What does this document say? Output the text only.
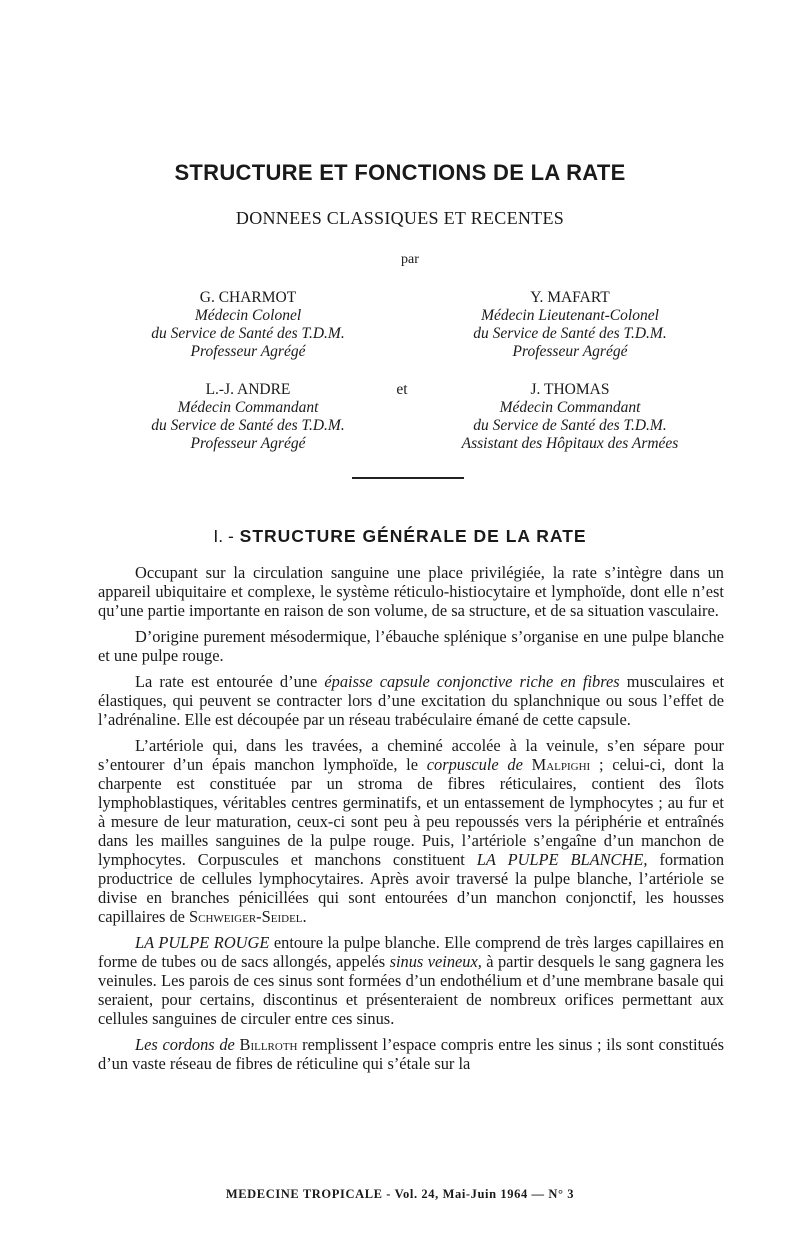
STRUCTURE ET FONCTIONS DE LA RATE
DONNEES CLASSIQUES ET RECENTES
par
G. CHARMOT
Médecin Colonel
du Service de Santé des T.D.M.
Professeur Agrégé
Y. MAFART
Médecin Lieutenant-Colonel
du Service de Santé des T.D.M.
Professeur Agrégé
L.-J. ANDRE
Médecin Commandant
du Service de Santé des T.D.M.
Professeur Agrégé
et	J. THOMAS
Médecin Commandant
du Service de Santé des T.D.M.
Assistant des Hôpitaux des Armées
I. - STRUCTURE GÉNÉRALE DE LA RATE

Occupant sur la circulation sanguine une place privilégiée, la rate s’intègre dans un appareil ubiquitaire et complexe, le système réticulo-histiocytaire et lymphoïde, dont elle n’est qu’une partie importante en raison de son volume, de sa structure, et de sa situation vasculaire.

D’origine purement mésodermique, l’ébauche splénique s’organise en une pulpe blanche et une pulpe rouge.

La rate est entourée d’une épaisse capsule conjonctive riche en fibres musculaires et élastiques, qui peuvent se contracter lors d’une excitation du splanchnique ou sous l’effet de l’adrénaline. Elle est découpée par un réseau trabéculaire émané de cette capsule.

L’artériole qui, dans les travées, a cheminé accolée à la veinule, s’en sépare pour s’entourer d’un épais manchon lymphoïde, le corpuscule de Malpighi ; celui-ci, dont la charpente est constituée par un stroma de fibres réticulaires, contient des îlots lymphoblastiques, véritables centres germinatifs, et un entassement de lymphocytes ; au fur et à mesure de leur maturation, ceux-ci sont peu à peu repoussés vers la périphérie et entraînés dans les mailles sanguines de la pulpe rouge. Puis, l’artériole s’engaîne d’un manchon de lymphocytes. Corpuscules et manchons constituent LA PULPE BLANCHE, formation productrice de cellules lymphocytaires. Après avoir traversé la pulpe blanche, l’artériole se divise en branches pénicillées qui sont entourées d’un manchon conjonctif, les housses capillaires de Schweiger-Seidel.

LA PULPE ROUGE entoure la pulpe blanche. Elle comprend de très larges capillaires en forme de tubes ou de sacs allongés, appelés sinus veineux, à partir desquels le sang gagnera les veinules. Les parois de ces sinus sont formées d’un endothélium et d’une membrane basale qui seraient, pour certains, discontinus et présenteraient de nombreux orifices permettant aux cellules sanguines de circuler entre ces sinus.

Les cordons de Billroth remplissent l’espace compris entre les sinus ; ils sont constitués d’un vaste réseau de fibres de réticuline qui s’étale sur la

MEDECINE TROPICALE - Vol. 24, Mai-Juin 1964 — N° 3
